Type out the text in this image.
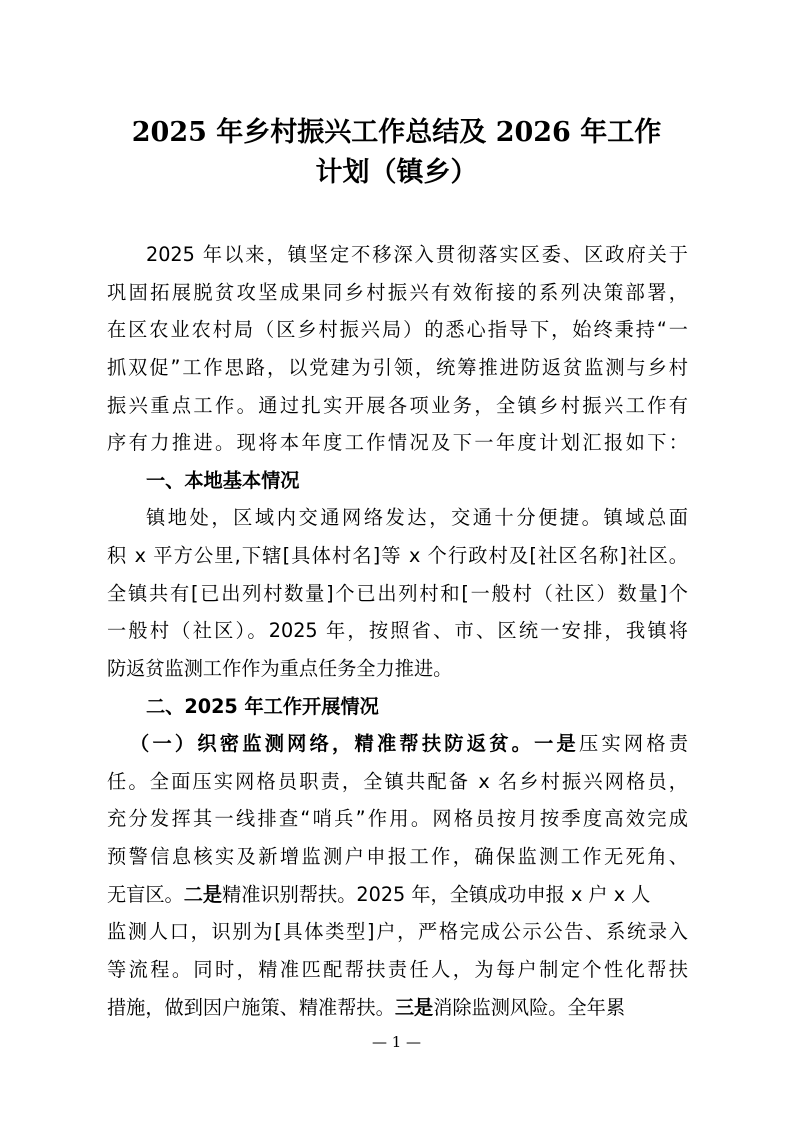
2025 年乡村振兴工作总结及 2026 年工作
计划（镇乡）
2025 年以来，镇坚定不移深入贯彻落实区委、区政府关于
巩固拓展脱贫攻坚成果同乡村振兴有效衔接的系列决策部署，
在区农业农村局（区乡村振兴局）的悉心指导下，始终秉持“一
抓双促”工作思路，以党建为引领，统筹推进防返贫监测与乡村
振兴重点工作。通过扎实开展各项业务，全镇乡村振兴工作有
序有力推进。现将本年度工作情况及下一年度计划汇报如下：
一、本地基本情况
镇地处，区域内交通网络发达，交通十分便捷。镇域总面
积 x 平方公里,下辖[具体村名]等 x 个行政村及[社区名称]社区。
全镇共有[已出列村数量]个已出列村和[一般村（社区）数量]个
一般村（社区）。2025 年，按照省、市、区统一安排，我镇将
防返贫监测工作作为重点任务全力推进。
二、2025 年工作开展情况
（一）织密监测网络，精准帮扶防返贫。一是压实网格责
任。全面压实网格员职责，全镇共配备 x 名乡村振兴网格员，
充分发挥其一线排查“哨兵”作用。网格员按月按季度高效完成
预警信息核实及新增监测户申报工作，确保监测工作无死角、
无盲区。二是精准识别帮扶。2025 年，全镇成功申报 x 户 x 人
监测人口，识别为[具体类型]户，严格完成公示公告、系统录入
等流程。同时，精准匹配帮扶责任人，为每户制定个性化帮扶
措施，做到因户施策、精准帮扶。三是消除监测风险。全年累
— 1 —
